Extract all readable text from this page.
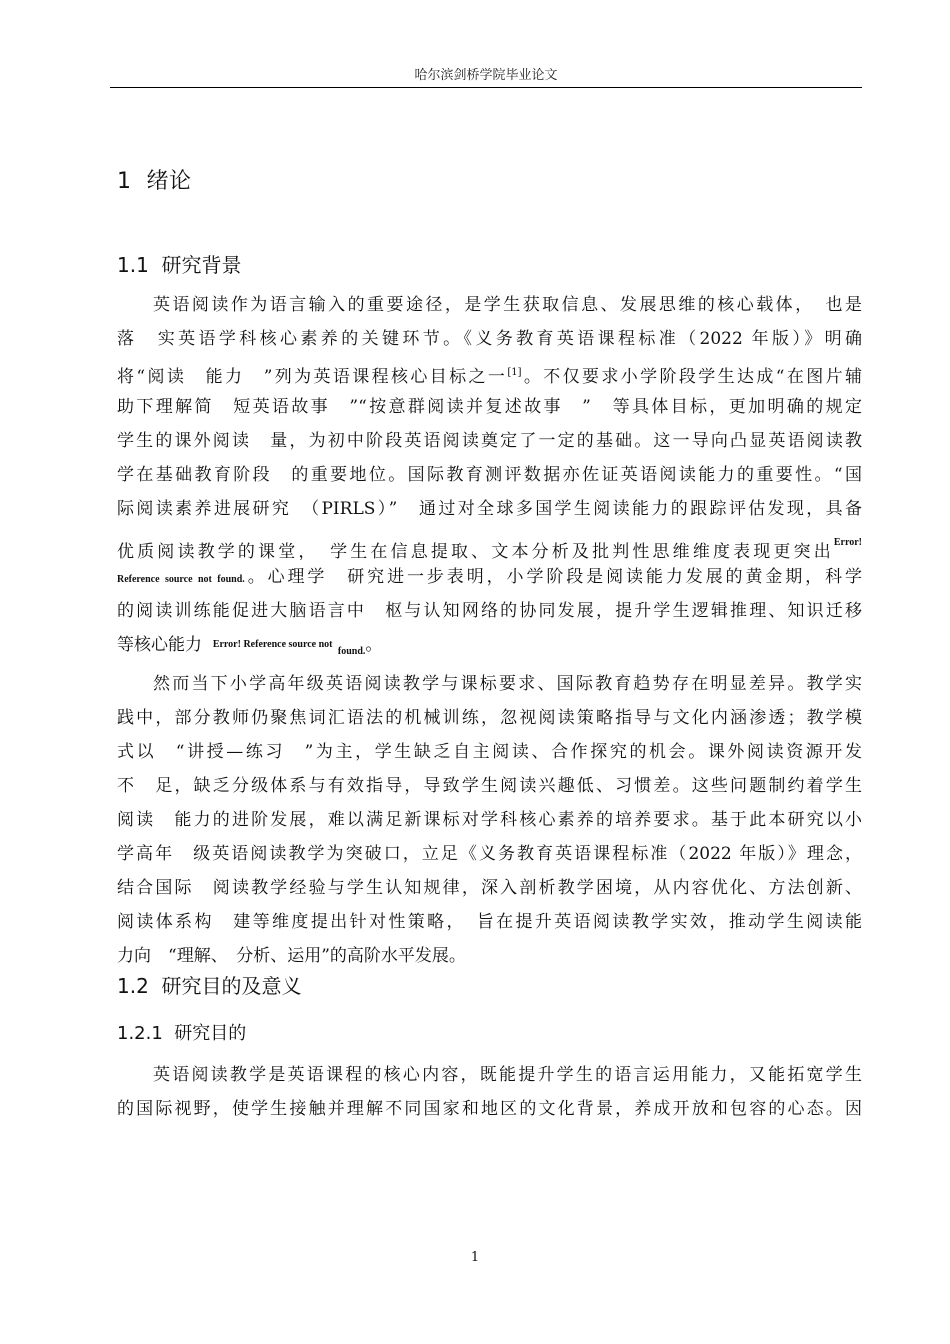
哈尔滨剑桥学院毕业论文
1 绪论
1.1 研究背景
英语阅读作为语言输入的重要途径，是学生获取信息、发展思维的核心载体，　也是
落　实英语学科核心素养的关键环节。《义务教育英语课程标准（2022 年版）》明确
将“阅读　能力　”列为英语课程核心目标之一[1]。不仅要求小学阶段学生达成“在图片辅
助下理解简　短英语故事　”“按意群阅读并复述故事　”　等具体目标，更加明确的规定
学生的课外阅读　量，为初中阶段英语阅读奠定了一定的基础。这一导向凸显英语阅读教
学在基础教育阶段　的重要地位。国际教育测评数据亦佐证英语阅读能力的重要性。“国
际阅读素养进展研究　（PIRLS）”　通过对全球多国学生阅读能力的跟踪评估发现，具备
优质阅读教学的课堂，　学生在信息提取、文本分析及批判性思维维度表现更突出$^{Error!}$
Reference source not found.。心理学　研究进一步表明，小学阶段是阅读能力发展的黄金期，科学
的阅读训练能促进大脑语言中　枢与认知网络的协同发展，提升学生逻辑推理、知识迁移
等核心能力 Error! Reference source not $_{found.}$。
然而当下小学高年级英语阅读教学与课标要求、国际教育趋势存在明显差异。教学实
践中，部分教师仍聚焦词汇语法的机械训练，忽视阅读策略指导与文化内涵渗透；教学模
式以　“讲授—练习　”为主，学生缺乏自主阅读、合作探究的机会。课外阅读资源开发
不　足，缺乏分级体系与有效指导，导致学生阅读兴趣低、习惯差。这些问题制约着学生
阅读　能力的进阶发展，难以满足新课标对学科核心素养的培养要求。基于此本研究以小
学高年　级英语阅读教学为突破口，立足《义务教育英语课程标准（2022 年版）》理念，
结合国际　阅读教学经验与学生认知规律，深入剖析教学困境，从内容优化、方法创新、
阅读体系构　建等维度提出针对性策略，　旨在提升英语阅读教学实效，推动学生阅读能
力向　“理解、　分析、运用”的高阶水平发展。
1.2 研究目的及意义
1.2.1 研究目的
英语阅读教学是英语课程的核心内容，既能提升学生的语言运用能力，又能拓宽学生
的国际视野，使学生接触并理解不同国家和地区的文化背景，养成开放和包容的心态。因
1
